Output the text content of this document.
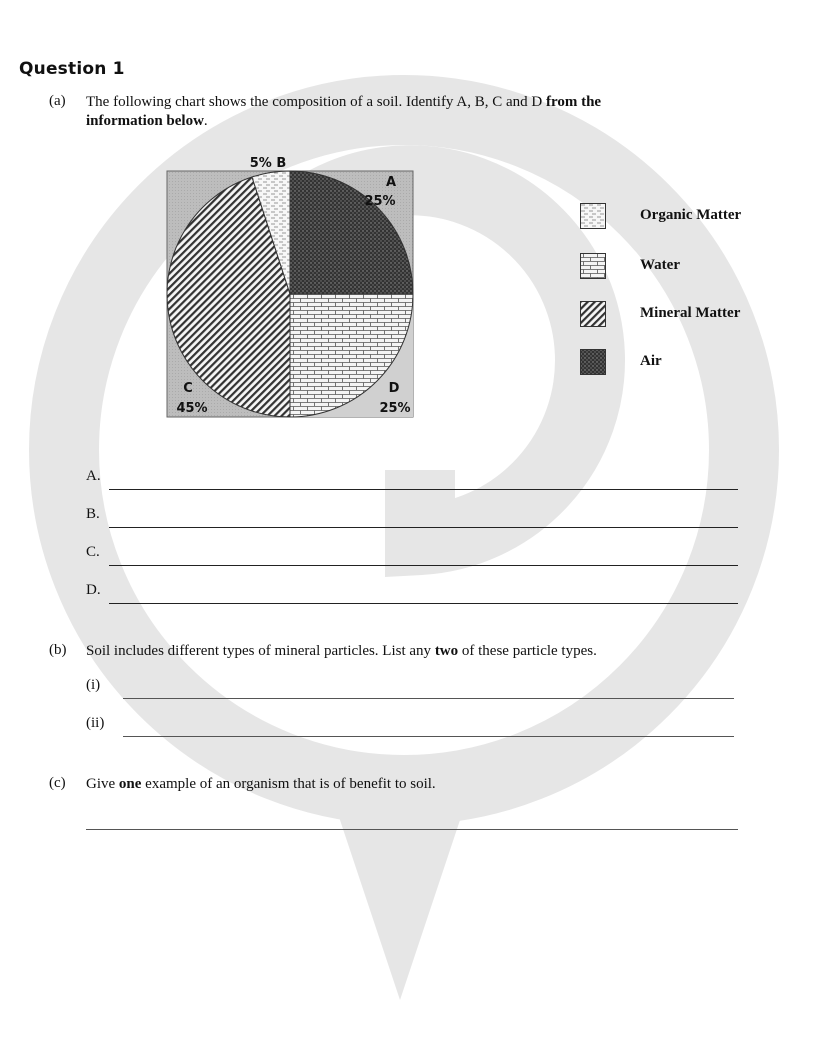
Question 1
(a) The following chart shows the composition of a soil. Identify A, B, C and D from the
information below.
A
25%
D
25%
C
45%
5% B
Organic Matter
Water
Mineral Matter
Air
A.
B.
C.
D.
(b) Soil includes different types of mineral particles. List any two of these particle types.
(i)
(ii)
(c) Give one example of an organism that is of benefit to soil.
